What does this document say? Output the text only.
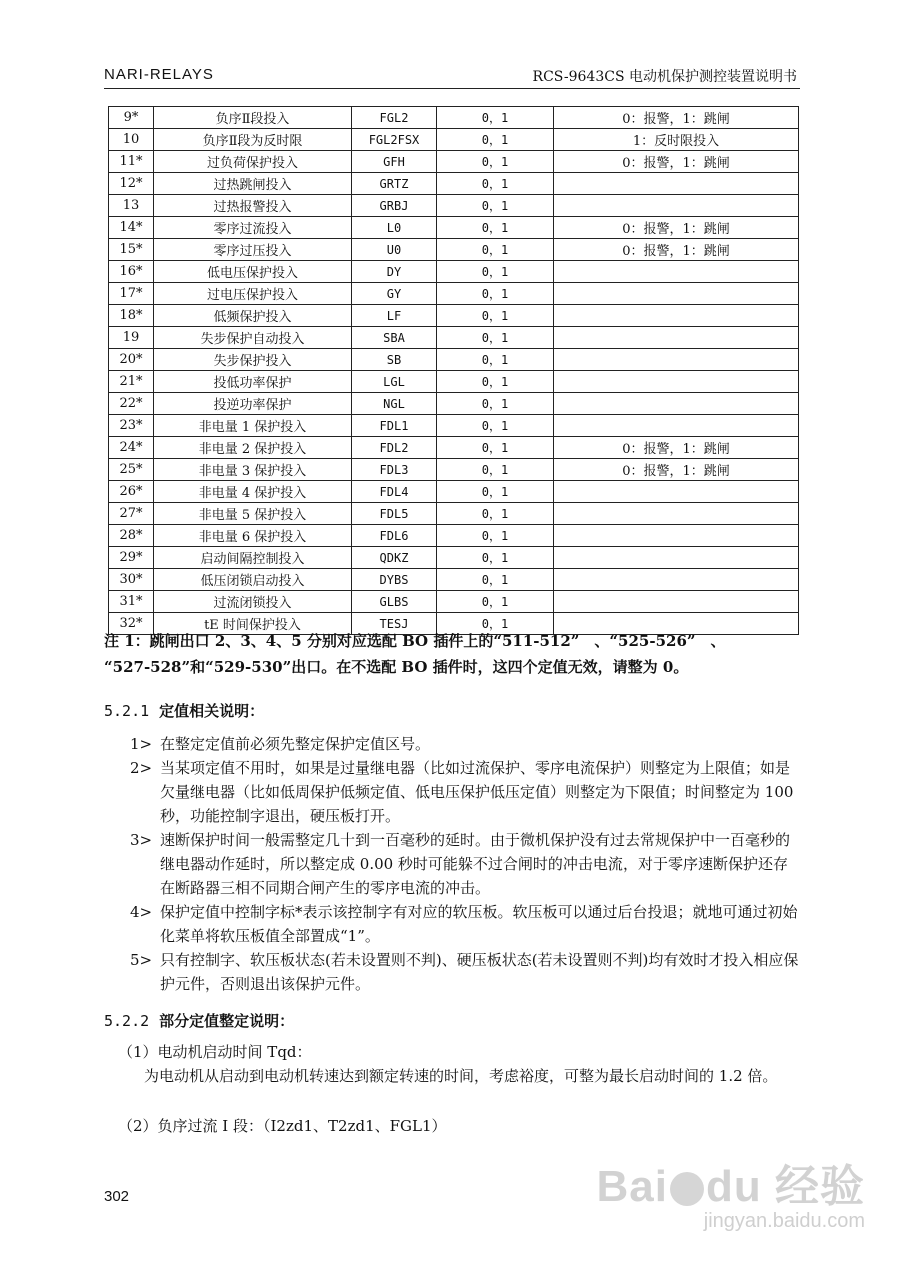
NARI-RELAYS	RCS-9643CS 电动机保护测控装置说明书
9*	负序Ⅱ段投入	FGL2	0，1	0：报警，1：跳闸
10	负序Ⅱ段为反时限	FGL2FSX	0，1	1：反时限投入
11*	过负荷保护投入	GFH	0，1	0：报警，1：跳闸
12*	过热跳闸投入	GRTZ	0，1	
13	过热报警投入	GRBJ	0，1	
14*	零序过流投入	L0	0，1	0：报警，1：跳闸
15*	零序过压投入	U0	0，1	0：报警，1：跳闸
16*	低电压保护投入	DY	0，1	
17*	过电压保护投入	GY	0，1	
18*	低频保护投入	LF	0，1	
19	失步保护自动投入	SBA	0，1	
20*	失步保护投入	SB	0，1	
21*	投低功率保护	LGL	0，1	
22*	投逆功率保护	NGL	0，1	
23*	非电量 1 保护投入	FDL1	0，1	
24*	非电量 2 保护投入	FDL2	0，1	0：报警，1：跳闸
25*	非电量 3 保护投入	FDL3	0，1	0：报警，1：跳闸
26*	非电量 4 保护投入	FDL4	0，1	
27*	非电量 5 保护投入	FDL5	0，1	
28*	非电量 6 保护投入	FDL6	0，1	
29*	启动间隔控制投入	QDKZ	0，1	
30*	低压闭锁启动投入	DYBS	0，1	
31*	过流闭锁投入	GLBS	0，1	
32*	tE 时间保护投入	TESJ	0，1	

注 1：跳闸出口 2、3、4、5 分别对应选配 BO 插件上的“511-512”　、“525-526”　、

“527-528”和“529-530”出口。在不选配 BO 插件时，这四个定值无效，请整为 0。

5.2.1 定值相关说明：
1> 在整定定值前必须先整定保护定值区号。
2> 当某项定值不用时，如果是过量继电器（比如过流保护、零序电流保护）则整定为上限值；如是欠量继电器（比如低周保护低频定值、低电压保护低压定值）则整定为下限值；时间整定为 100 秒，功能控制字退出，硬压板打开。
3> 速断保护时间一般需整定几十到一百毫秒的延时。由于微机保护没有过去常规保护中一百毫秒的继电器动作延时，所以整定成 0.00 秒时可能躲不过合闸时的冲击电流，对于零序速断保护还存在断路器三相不同期合闸产生的零序电流的冲击。
4> 保护定值中控制字标*表示该控制字有对应的软压板。软压板可以通过后台投退；就地可通过初始化菜单将软压板值全部置成“1”。
5> 只有控制字、软压板状态(若未设置则不判)、硬压板状态(若未设置则不判)均有效时才投入相应保护元件，否则退出该保护元件。
5.2.2 部分定值整定说明：
（1）电动机启动时间 Tqd：
为电动机从启动到电动机转速达到额定转速的时间，考虑裕度，可整为最长启动时间的 1.2 倍。
（2）负序过流 I 段：（I2zd1、T2zd1、FGL1）
302	Bai du 经验
jingyan.baidu.com
